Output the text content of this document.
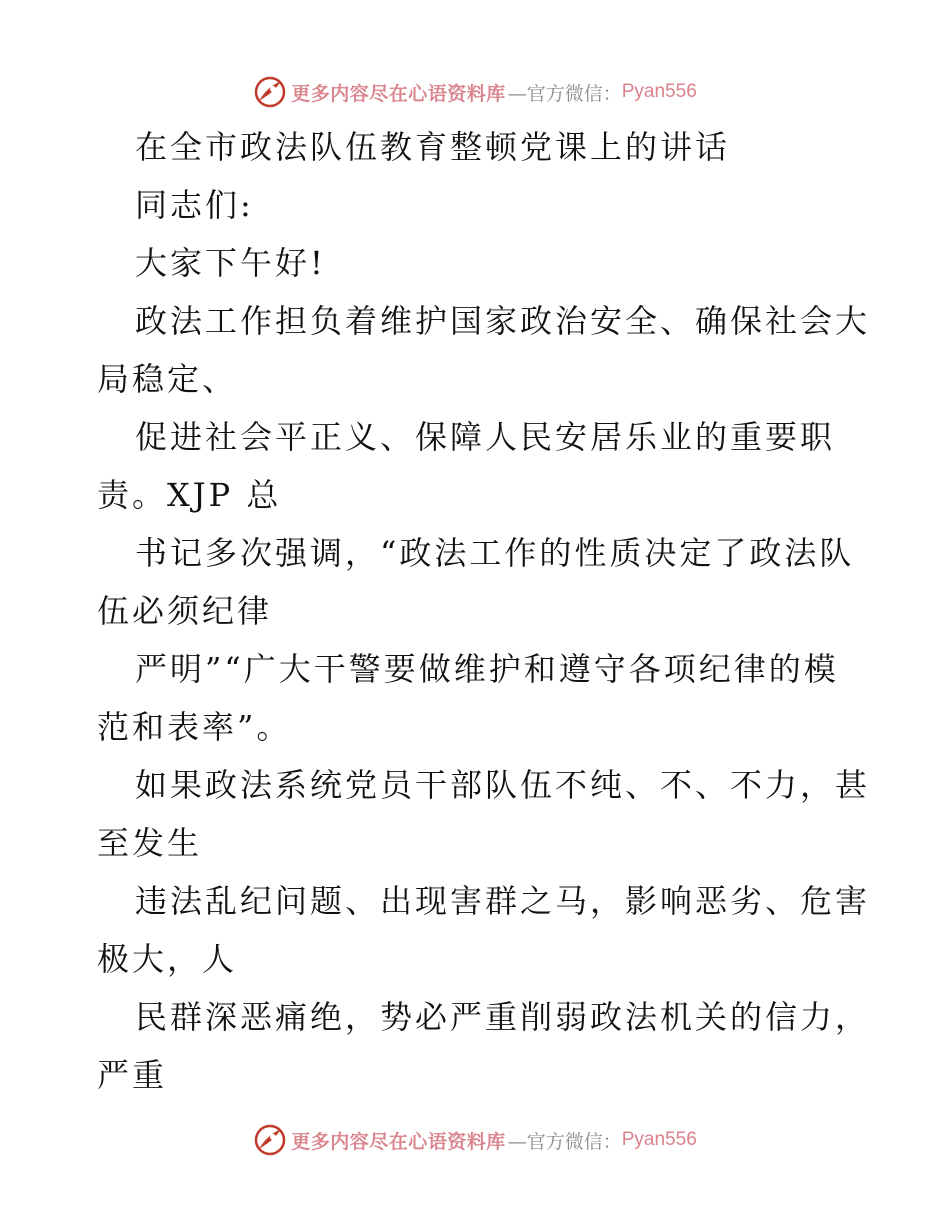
更多内容尽在心语资料库 —官方微信： Pyan556
在全市政法队伍教育整顿党课上的讲话
同志们:
大家下午好!
政法工作担负着维护国家政治安全、确保社会大
局稳定、
促进社会平正义、保障人民安居乐业的重要职
责。XJP 总
书记多次强调，“政法工作的性质决定了政法队
伍必须纪律
严明”“广大干警要做维护和遵守各项纪律的模
范和表率”。
如果政法系统党员干部队伍不纯、不、不力，甚
至发生
违法乱纪问题、出现害群之马，影响恶劣、危害
极大，人
民群深恶痛绝，势必严重削弱政法机关的信力，
严重
更多内容尽在心语资料库 —官方微信： Pyan556
